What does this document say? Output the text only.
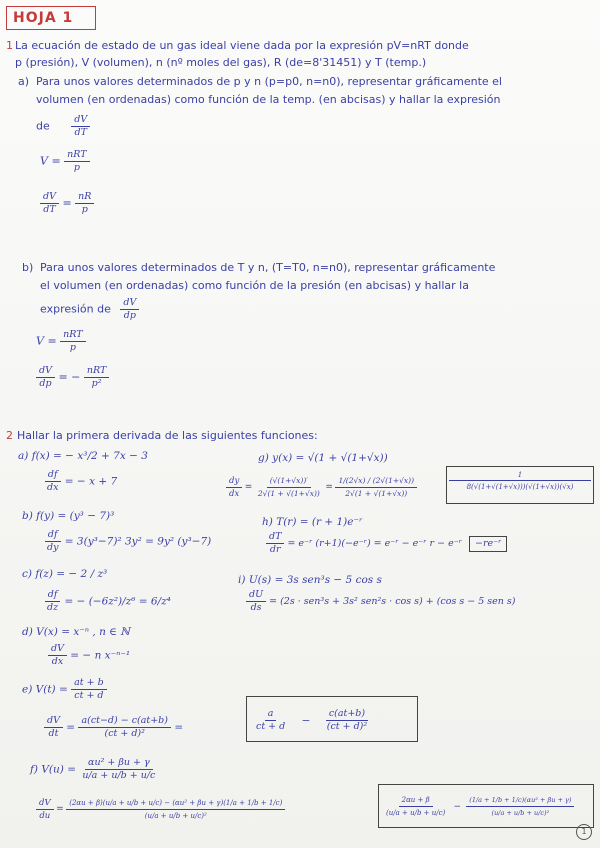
HOJA 1
1 La ecuación de estado de un gas ideal viene dada por la expresión pV=nRT donde
p (presión), V (volumen), n (nº moles del gas), R (de=8'31451) y T (temp.)
a) Para unos valores determinados de p y n (p=p0, n=n0), representar gráficamente el
volumen (en ordenadas) como función de la temp. (en abcisas) y hallar la expresión
de $\frac{dV}{dT}$
$V = \frac{\text{nRT}}{p}$
$\frac{dV}{dT} = \frac{nR}{p}$
b) Para unos valores determinados de T y n, (T=T0, n=n0), representar gráficamente
el volumen (en ordenadas) como función de la presión (en abcisas) y hallar la
expresión de $\frac{dV}{dp}$
$V = \frac{\text{nRT}}{p}$
$\frac{dV}{dp}$ = − $\frac{\text{nRT}}{\text{p²}}$
2 Hallar la primera derivada de las siguientes funciones:
a) f(x) = − x³/2 + 7x − 3
$\frac{df}{dx}$ = − x + 7
g) y(x) = √(1 + √(1+√x))
$\frac{dy}{dx} = \frac{(√(1+√x))'}{2√(1 + √(1+√x))} = \frac{1/(2√x) / (2√(1+√x))}{2√(1 + √(1+√x))}$	$\frac{1}{8(√(1+√(1+√x)))(√(1+√x))(√x)}$
b) f(y) = (y³ − 7)³
$\frac{df}{dy} = 3(y^3-7)^2$ 3y² = 9y² (y³−7)
h) T(r) = (r + 1)e⁻ʳ
$\frac{dT}{dr}$ = e⁻ʳ (r+1)(−e⁻ʳ) = e⁻ʳ − e⁻ʳ r − e⁻ʳ −re⁻ʳ
c) f(z) = − 2 / z³
$\frac{df}{dz}$ = − (−6z²)/z⁶ = 6/z⁴
i) U(s) = 3s sen³s − 5 cos s
$\frac{dU}{ds} = (2s \cdot sen^3s + 3s^2$ sen²s · cos s) + (cos s − 5 sen s)
d) V(x) = x⁻ⁿ , n ∈ ℕ
$\frac{dV}{dx}$ = − n x⁻ⁿ⁻¹
e) $V(t) = \frac{at + b}{ct + d}$
$\frac{dV}{dt} = \frac{a(ct-d) - c(at+b)}{\text{(ct + d)²}}$ =	$\frac{a}{ct + d} - \frac{c(at+b)}{\text{(ct + d)²}}$
f) $V(u) = \frac{\text{αu² + βu + γ}}{u/a + u/b + u/c}$
$\frac{dV}{du} = \frac{\text{(2αu + β)(u/a + u/b + u/c) − (αu² + βu + γ)(1/a + 1/b + 1/c)}}{\text{(u/a + u/b + u/c)²}}$	$\frac{2\alpha u + \beta}{(u/a + u/b + u/c)} - \frac{\text{(1/a + 1/b + 1/c)(αu² + βu + γ)}}{\text{(u/a + u/b + u/c)²}}$
1
